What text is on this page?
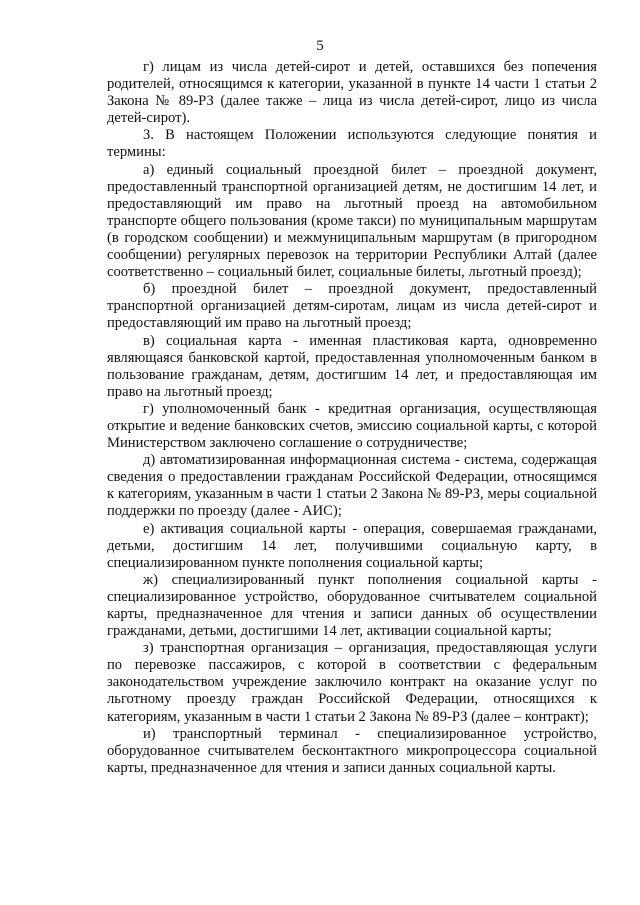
5

г) лицам из числа детей-сирот и детей, оставшихся без попечения родителей, относящимся к категории, указанной в пункте 14 части 1 статьи 2 Закона № 89-РЗ (далее также – лица из числа детей-сирот, лицо из числа детей-сирот).

3. В настоящем Положении используются следующие понятия и термины:

а) единый социальный проездной билет – проездной документ, предоставленный транспортной организацией детям, не достигшим 14 лет, и предоставляющий им право на льготный проезд на автомобильном транспорте общего пользования (кроме такси) по муниципальным маршрутам (в городском сообщении) и межмуниципальным маршрутам (в пригородном сообщении) регулярных перевозок на территории Республики Алтай (далее соответственно – социальный билет, социальные билеты, льготный проезд);

б) проездной билет – проездной документ, предоставленный транспортной организацией детям-сиротам, лицам из числа детей-сирот и предоставляющий им право на льготный проезд;

в) социальная карта - именная пластиковая карта, одновременно являющаяся банковской картой, предоставленная уполномоченным банком в пользование гражданам, детям, достигшим 14 лет, и предоставляющая им право на льготный проезд;

г) уполномоченный банк - кредитная организация, осуществляющая открытие и ведение банковских счетов, эмиссию социальной карты, с которой Министерством заключено соглашение о сотрудничестве;

д) автоматизированная информационная система - система, содержащая сведения о предоставлении гражданам Российской Федерации, относящимся к категориям, указанным в части 1 статьи 2 Закона № 89-РЗ, меры социальной поддержки по проезду (далее - АИС);

е) активация социальной карты - операция, совершаемая гражданами, детьми, достигшим 14 лет, получившими социальную карту, в специализированном пункте пополнения социальной карты;

ж) специализированный пункт пополнения социальной карты - специализированное устройство, оборудованное считывателем социальной карты, предназначенное для чтения и записи данных об осуществлении гражданами, детьми, достигшими 14 лет, активации социальной карты;

з) транспортная организация – организация, предоставляющая услуги по перевозке пассажиров, с которой в соответствии с федеральным законодательством учреждение заключило контракт на оказание услуг по льготному проезду граждан Российской Федерации, относящихся к категориям, указанным в части 1 статьи 2 Закона № 89-РЗ (далее – контракт);

и) транспортный терминал - специализированное устройство, оборудованное считывателем бесконтактного микропроцессора социальной карты, предназначенное для чтения и записи данных социальной карты.
